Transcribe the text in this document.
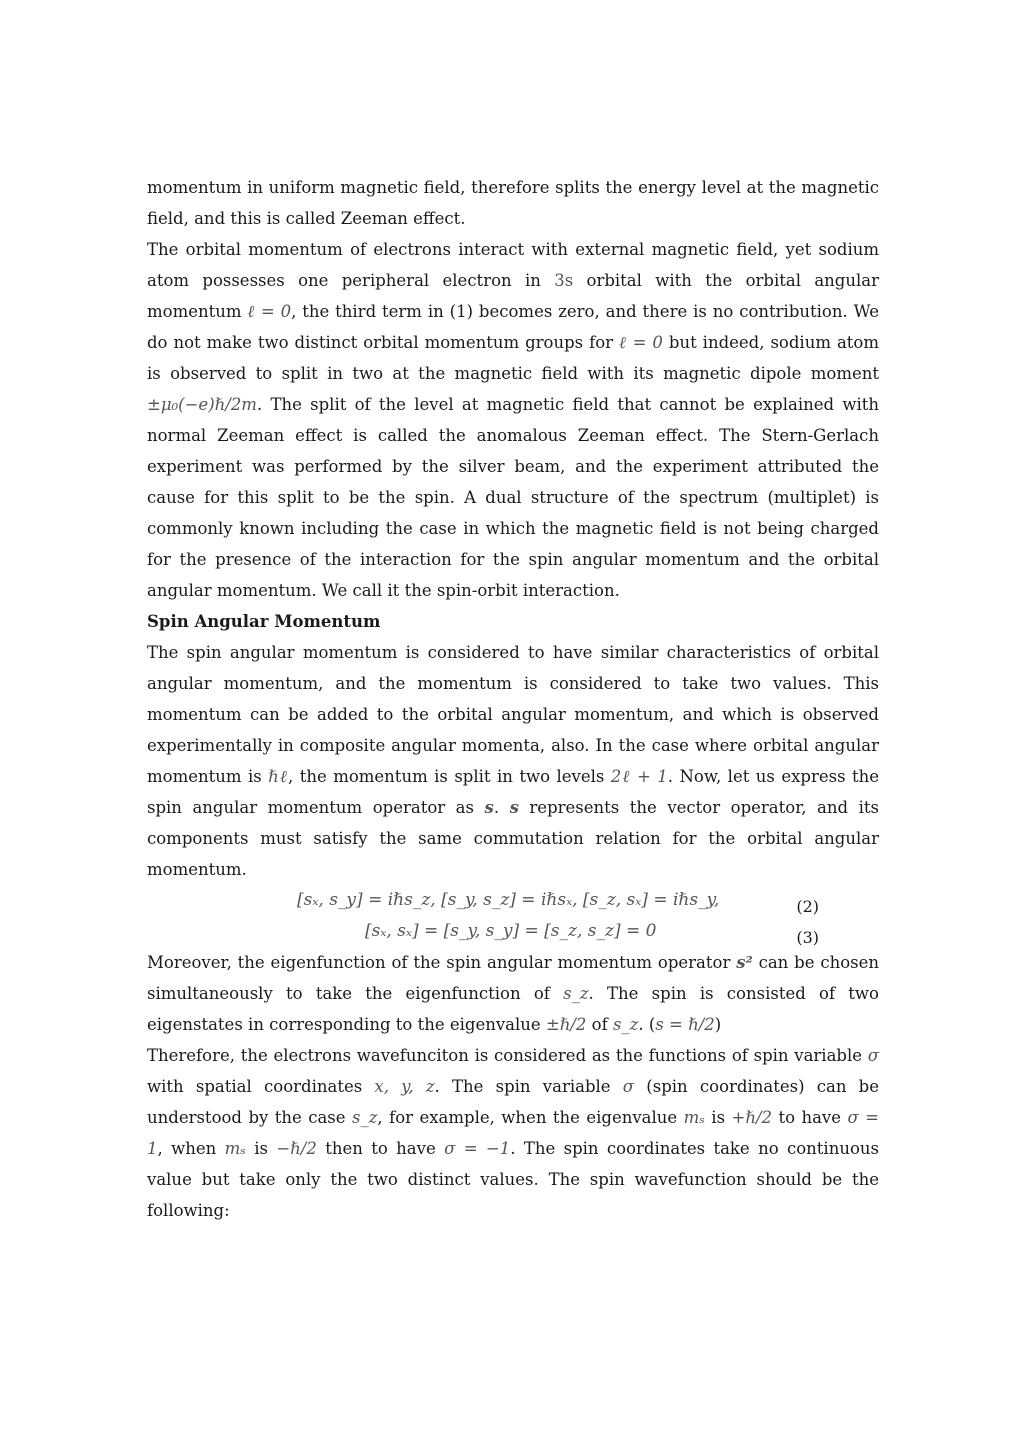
momentum in uniform magnetic field, therefore splits the energy level at the magnetic field, and this is called Zeeman effect.

The orbital momentum of electrons interact with external magnetic field, yet sodium atom possesses one peripheral electron in 3s orbital with the orbital angular momentum ℓ = 0, the third term in (1) becomes zero, and there is no contribution. We do not make two distinct orbital momentum groups for ℓ = 0 but indeed, sodium atom is observed to split in two at the magnetic field with its magnetic dipole moment ±μ₀(−e)ℏ/2m. The split of the level at magnetic field that cannot be explained with normal Zeeman effect is called the anomalous Zeeman effect. The Stern-Gerlach experiment was performed by the silver beam, and the experiment attributed the cause for this split to be the spin. A dual structure of the spectrum (multiplet) is commonly known including the case in which the magnetic field is not being charged for the presence of the interaction for the spin angular momentum and the orbital angular momentum. We call it the spin-orbit interaction.

Spin Angular Momentum

The spin angular momentum is considered to have similar characteristics of orbital angular momentum, and the momentum is considered to take two values. This momentum can be added to the orbital angular momentum, and which is observed experimentally in composite angular momenta, also. In the case where orbital angular momentum is ℏℓ, the momentum is split in two levels 2ℓ + 1. Now, let us express the spin angular momentum operator as s. s represents the vector operator, and its components must satisfy the same commutation relation for the orbital angular momentum.

[sₓ, s_y] = iℏs_z, [s_y, s_z] = iℏsₓ, [s_z, sₓ] = iℏs_y,	(2)
[sₓ, sₓ] = [s_y, s_y] = [s_z, s_z] = 0	(3)

Moreover, the eigenfunction of the spin angular momentum operator s² can be chosen simultaneously to take the eigenfunction of s_z. The spin is consisted of two eigenstates in corresponding to the eigenvalue ±ℏ/2 of s_z. (s = ℏ/2)

Therefore, the electrons wavefunciton is considered as the functions of spin variable σ with spatial coordinates x, y, z. The spin variable σ (spin coordinates) can be understood by the case s_z, for example, when the eigenvalue mₛ is +ℏ/2 to have σ = 1, when mₛ is −ℏ/2 then to have σ = −1. The spin coordinates take no continuous value but take only the two distinct values. The spin wavefunction should be the following:
